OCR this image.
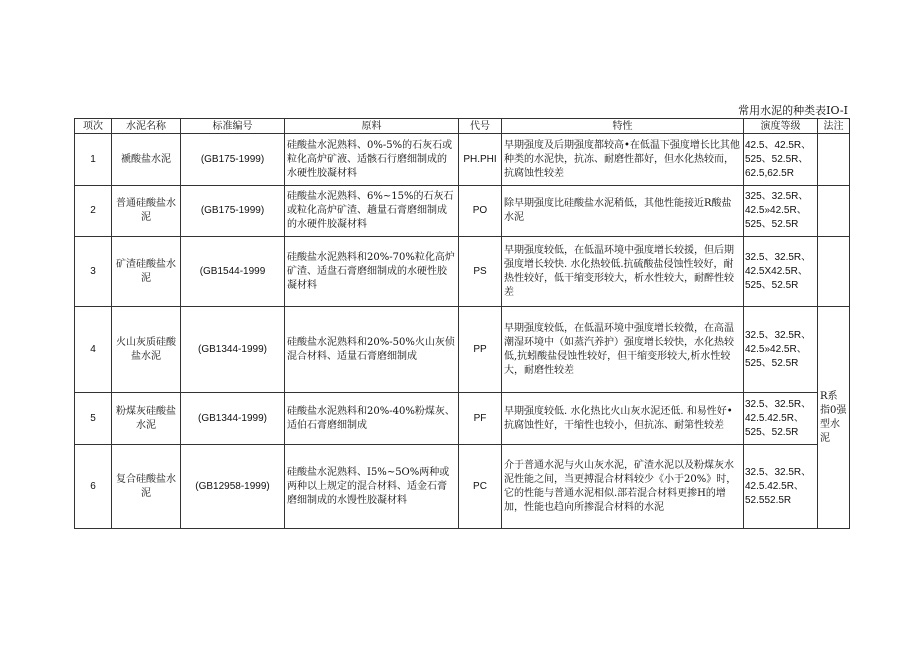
常用水泥的种类表IO-I
项次	水泥名称	标准编号	原料	代号	特性	演度等级	法注
1	褫酸盐水泥	(GB175-1999)	硅酸盐水泥熟料、0%-5%的石灰石或粒化高炉矿液、适骸石行磨细制成的水硬性胶凝材料	PH.PHI	早期强度及后期强度都较高•在低温下强度增长比其他种类的水泥快，抗冻、耐磨性都好，但水化热较而，抗腐蚀性较差	42.5、42.5R、525、52.5R、62.5,62.5R	
2	普通硅酸盐水泥	(GB175-1999)	硅酸盐水泥熟料、6%~15%的石灰石或粒化高炉矿渣、趟量石膏磨细制成的水硬件胶凝材料	PO	除早期强度比硅酸盐水泥稍低，其他性能接近R酸盐水泥	325、32.5R、42.5»42.5R、525、52.5R	
3	矿渣硅酸盐水泥	(GB1544-1999	硅酸盐水泥熟料和20%-70%粒化高炉矿渣、适盘石膏磨细制成的水硬性胶凝材料	PS	早期强度较低，在低温环境中强度增长较援，但后期强度增长较快. 水化热较低.抗硫酸盐侵蚀性较好，耐热性较好，低干缩变形较大，析水性较大，耐醉性较差	32.5、32.5R、42.5X42.5R、525、52.5R	
4	火山灰质硅酸盐水泥	(GB1344-1999)	硅酸盐水泥熟料和20%-50%火山灰侦混合材料、适量石膏磨细制成	PP	早期强度较低，在低温环境中强度增长较微，在高温潮湿环境中（如蒸汽养护）强度增长较快，水化热较低,抗蚓酸盐侵蚀性较好，但干缩变形较大,析水性较大，耐磨性较差	32.5、32.5R、42.5»42.5R、525、52.5R	R系指0强型水泥
5	粉煤灰硅酸盐水泥	(GB1344-1999)	硅酸盐水泥熟料和20%-40%粉煤灰、适伯石膏磨细制成	PF	早期强度较低. 水化热比火山灰水泥还低. 和易性好•抗腐蚀性好，干缩性也较小，但抗冻、耐第性较差	32.5、32.5R、42.5.42.5R、525、52.5R	
6	复合硅酸盐水泥	(GB12958-1999)	硅酸盐水泥熟料、I5%~5O%两种或两种以上规定的混合材料、适金石膏磨细制成的水馒性胶凝材料	PC	介于普通水泥与火山灰水泥，矿渣水泥以及粉煤灰水泥性能之间，当更搏混合材料较少《小于20%》时，它的性能与普通水泥相似.部若混合材料更掺H的增加，性能也趋向所掺混合材料的水泥	32.5、32.5R、42.5.42.5R、52.552.5R	
